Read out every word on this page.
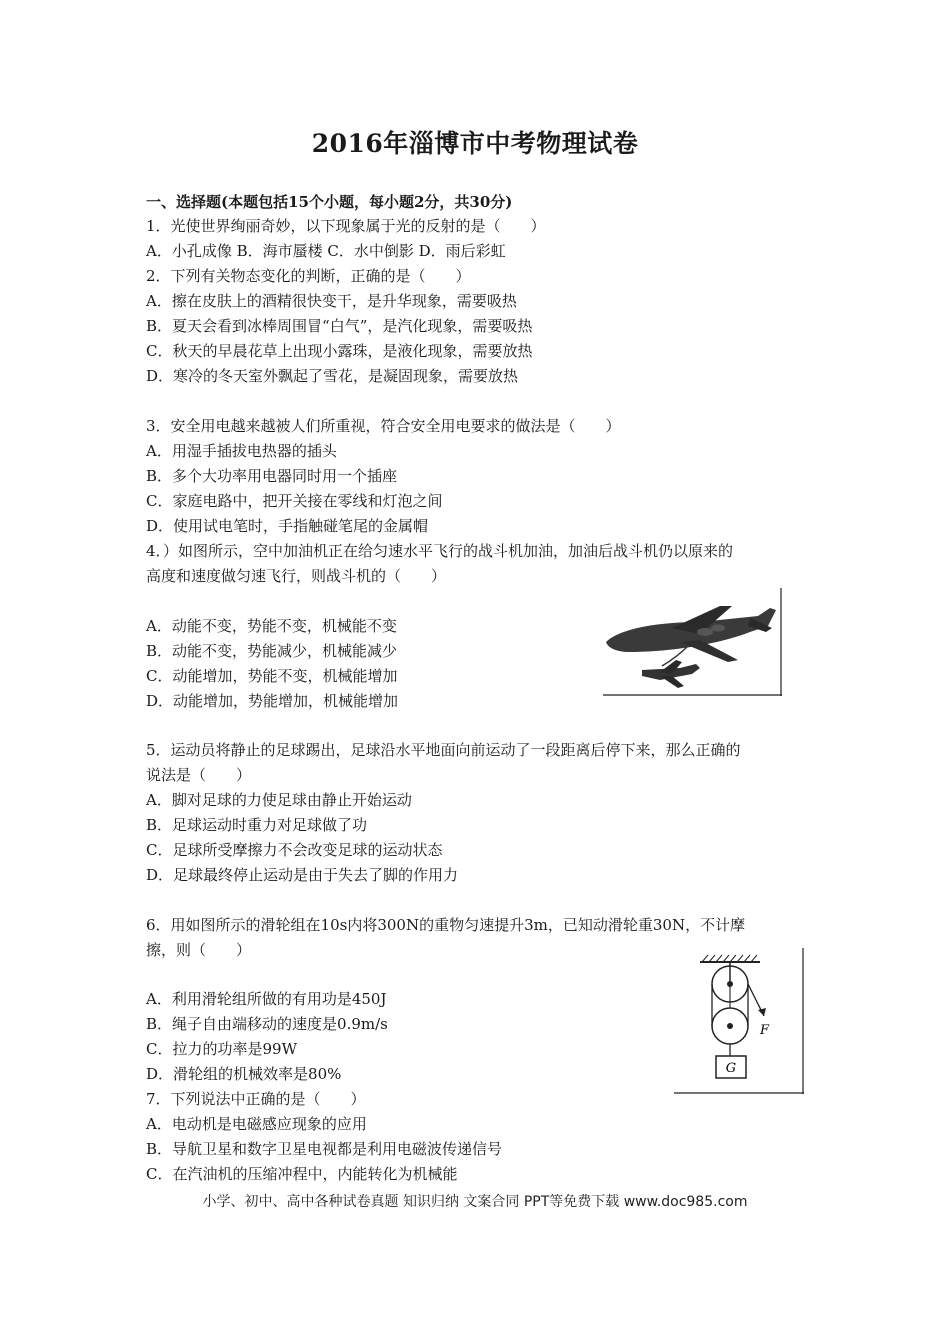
2016年淄博市中考物理试卷
一、选择题(本题包括15个小题，每小题2分，共30分)
1．光使世界绚丽奇妙，以下现象属于光的反射的是（　　）
A．小孔成像 B．海市蜃楼 C．水中倒影 D．雨后彩虹
2．下列有关物态变化的判断，正确的是（　　）
A．擦在皮肤上的酒精很快变干，是升华现象，需要吸热
B．夏天会看到冰棒周围冒“白气”，是汽化现象，需要吸热
C．秋天的早晨花草上出现小露珠，是液化现象，需要放热
D．寒冷的冬天室外飘起了雪花，是凝固现象，需要放热
3．安全用电越来越被人们所重视，符合安全用电要求的做法是（　　）
A．用湿手插拔电热器的插头
B．多个大功率用电器同时用一个插座
C．家庭电路中，把开关接在零线和灯泡之间
D．使用试电笔时，手指触碰笔尾的金属帽
4．）如图所示，空中加油机正在给匀速水平飞行的战斗机加油，加油后战斗机仍以原来的
高度和速度做匀速飞行，则战斗机的（　　）
A．动能不变，势能不变，机械能不变
B．动能不变，势能减少，机械能减少
C．动能增加，势能不变，机械能增加
D．动能增加，势能增加，机械能增加
5．运动员将静止的足球踢出，足球沿水平地面向前运动了一段距离后停下来，那么正确的
说法是（　　）
A．脚对足球的力使足球由静止开始运动
B．足球运动时重力对足球做了功
C．足球所受摩擦力不会改变足球的运动状态
D．足球最终停止运动是由于失去了脚的作用力
6．用如图所示的滑轮组在10s内将300N的重物匀速提升3m，已知动滑轮重30N，不计摩
擦，则（　　）
A．利用滑轮组所做的有用功是450J
B．绳子自由端移动的速度是0.9m/s
C．拉力的功率是99W
D．滑轮组的机械效率是80%
F
G
7．下列说法中正确的是（　　）
A．电动机是电磁感应现象的应用
B．导航卫星和数字卫星电视都是利用电磁波传递信号
C．在汽油机的压缩冲程中，内能转化为机械能
小学、初中、高中各种试卷真题 知识归纳 文案合同 PPT等免费下载 www.doc985.com
